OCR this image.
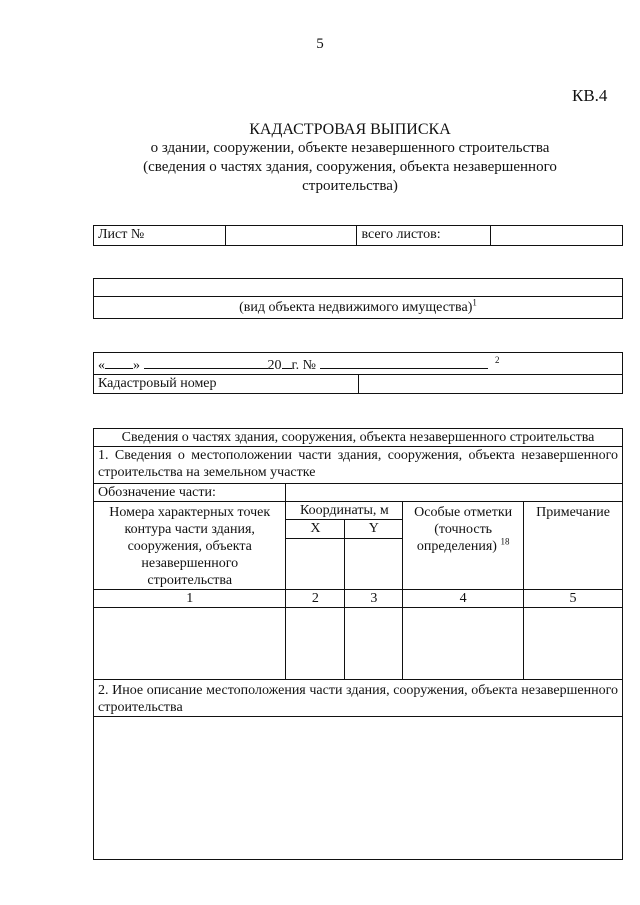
5
КВ.4
КАДАСТРОВАЯ ВЫПИСКА
о здании, сооружении, объекте незавершенного строительства
(сведения о частях здания, сооружения, объекта незавершенного
строительства)
Лист №		всего листов:	

(вид объекта недвижимого имущества)$^1$
« »	20 г. №	$^2$
Кадастровый номер	
Сведения о частях здания, сооружения, объекта незавершенного строительства				
1. Сведения о местоположении части здания, сооружения, объекта незавершенного строительства на земельном участке				
Обозначение части:				
Номера характерных точек контура части здания, сооружения, объекта незавершенного строительства	Координаты, м		Особые отметки (точность определения) $^{18}$	Примечание
	X	Y		

1	2	3	4	5

2. Иное описание местоположения части здания, сооружения, объекта незавершенного строительства				
